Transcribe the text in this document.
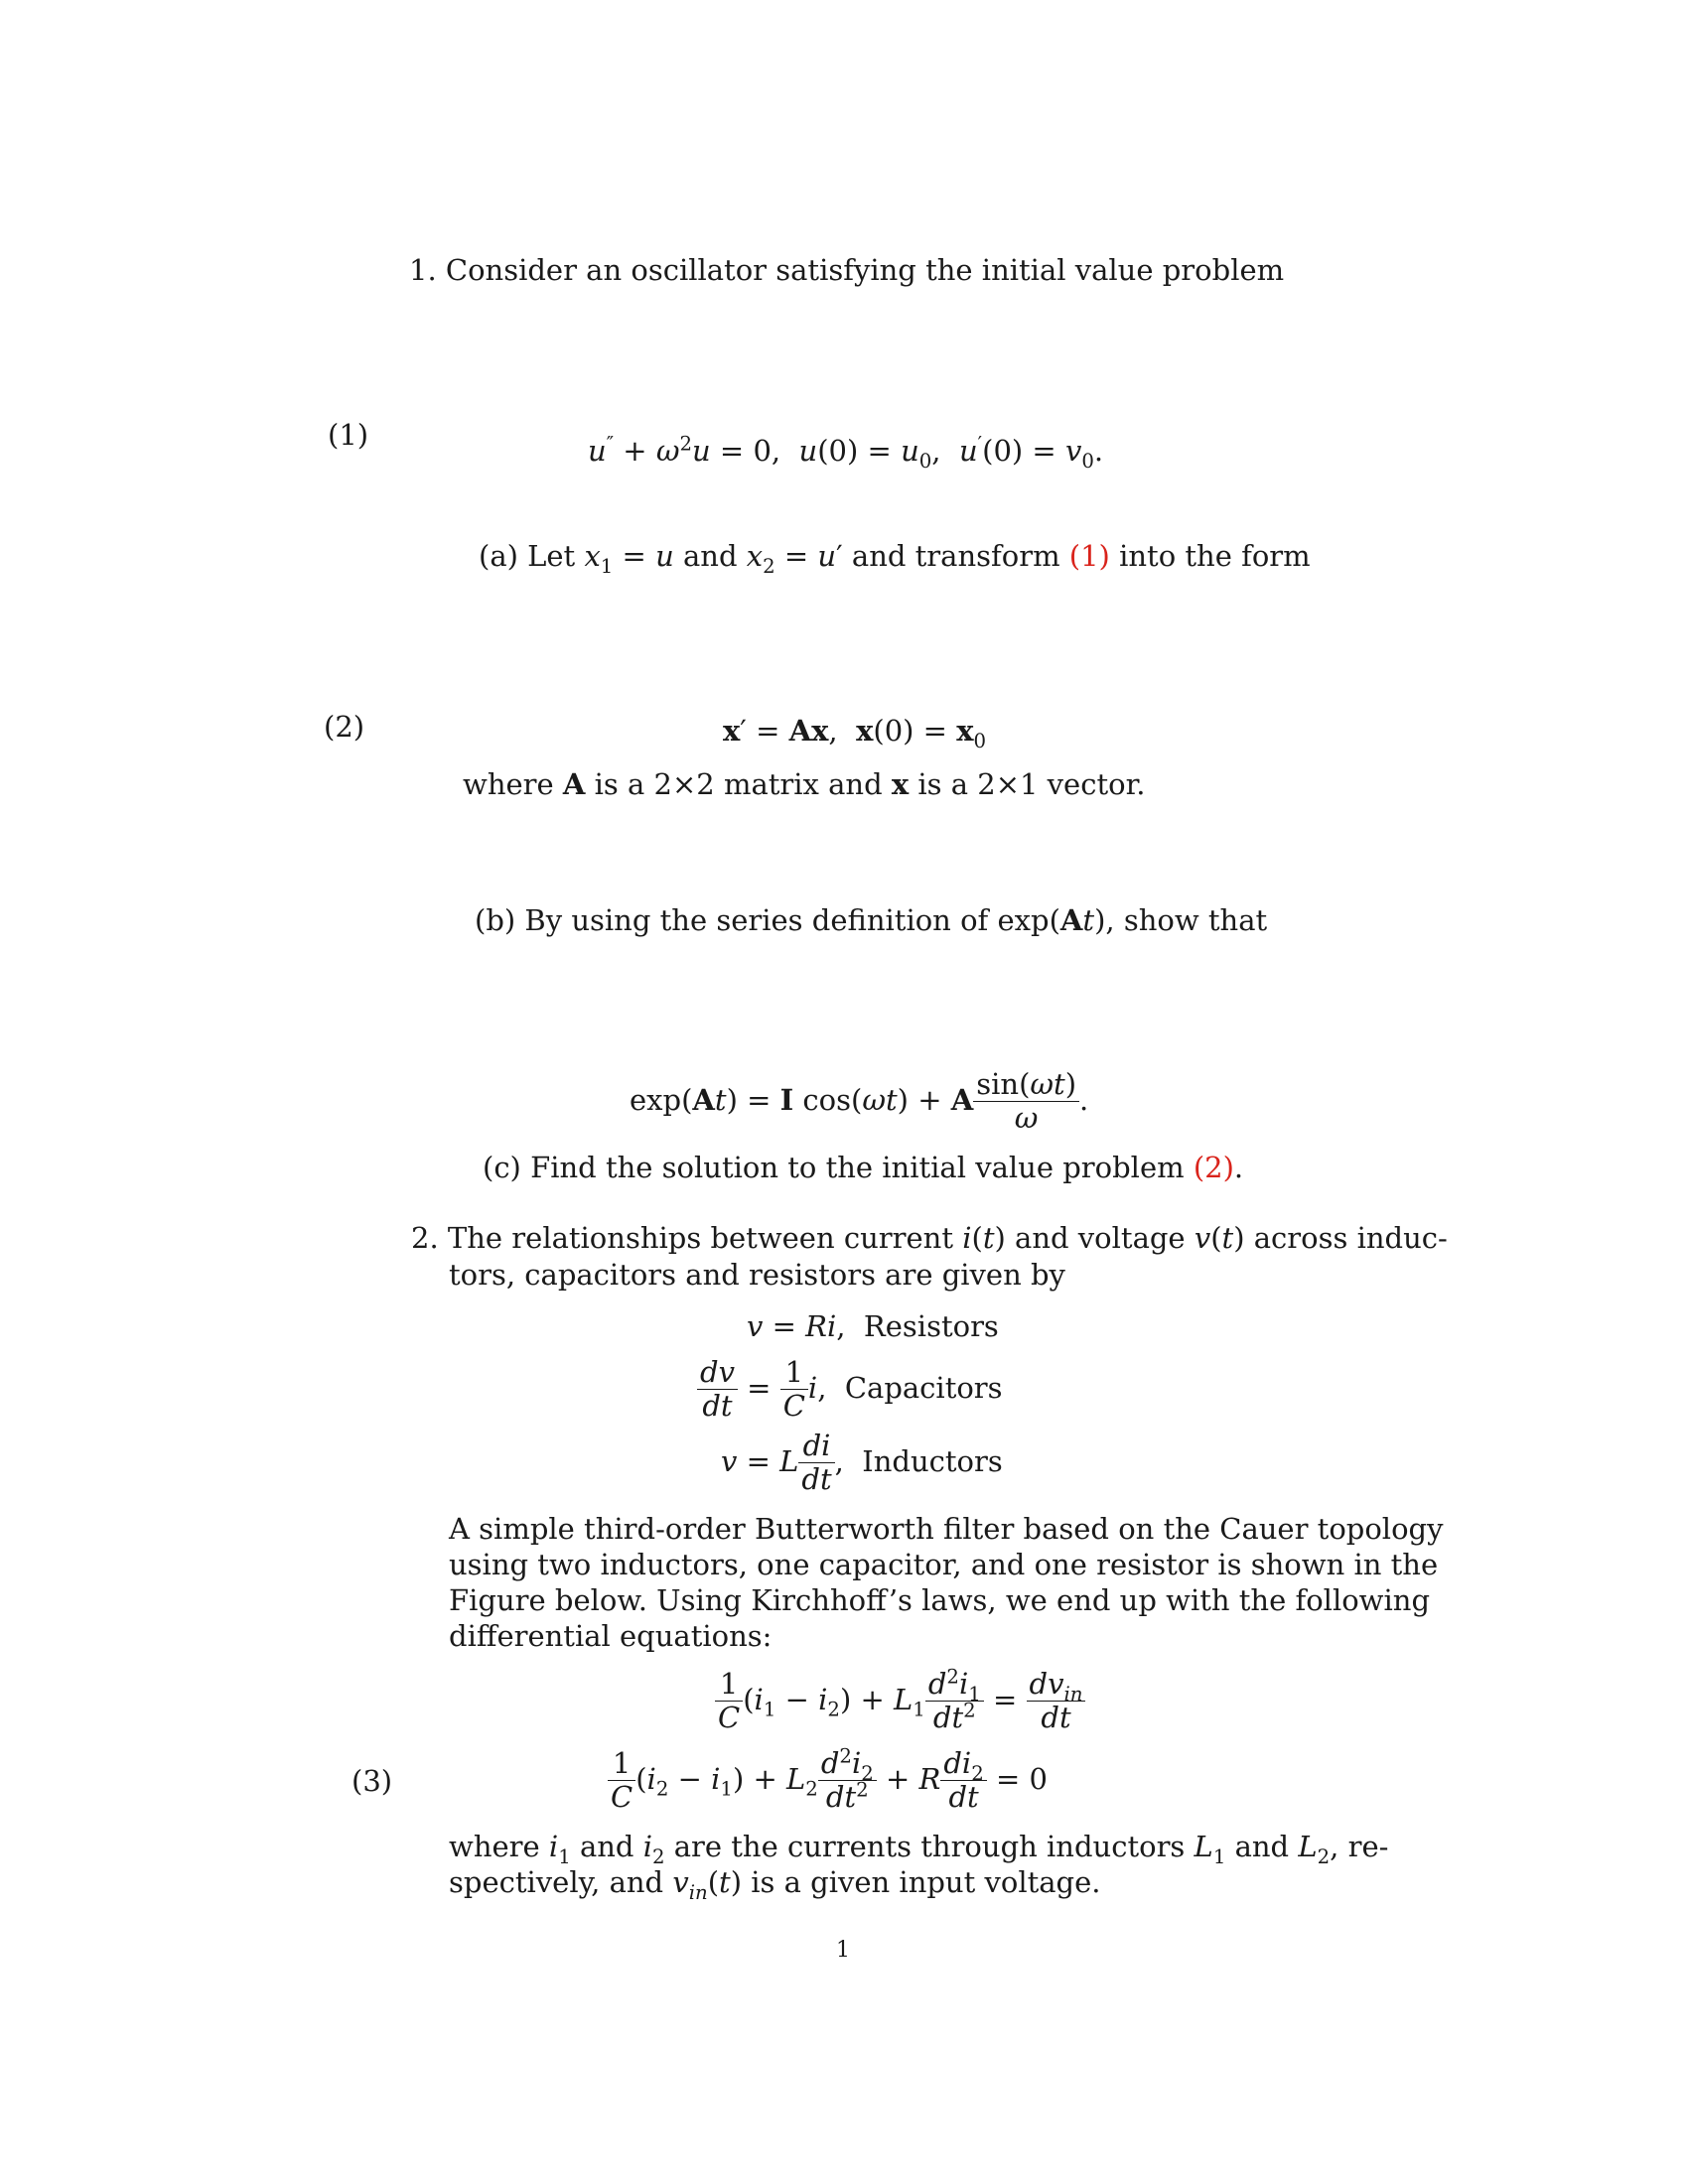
1. Consider an oscillator satisfying the initial value problem
(1)	$u'' + \omega^2u = 0$,  $u(0) = u_0$,  $u'(0) = v_0$.
(a) Let $x_1 = u$ and $x_2 = u'$ and transform (1) into the form
(2)	x′ = Ax,  $x(0) = x_0$
where A is a 2×2 matrix and x is a 2×1 vector.
(b) By using the series definition of exp(At), show that
exp(At) = I cos(ωt) + A $\frac{\sin(\omega t)}{\omega}$ .
(c) Find the solution to the initial value problem (2).
2. The relationships between current i(t) and voltage v(t) across induc-
tors, capacitors and resistors are given by
v = Ri,  Resistors
$\frac{dv}{dt} = \frac{1}{C} i$,  Capacitors
v = L $\frac{di}{dt}$ ,  Inductors
A simple third-order Butterworth filter based on the Cauer topology
using two inductors, one capacitor, and one resistor is shown in the
Figure below. Using Kirchhoff’s laws, we end up with the following
differential equations:
$\frac{1}{C} (i_1 - i_2) + L_1 \frac{d^2i_1}{dt^2} = \frac{dv_{in}}{dt}$
(3)	$\frac{1}{C} (i_2 - i_1) + L_2 \frac{d^2i_2}{dt^2} + R \frac{di_2}{dt} = 0$
where $i_1$ and $i_2$ are the currents through inductors $L_1$ and $L_2$, re-
spectively, and $v_{in}(t)$ is a given input voltage.
1
